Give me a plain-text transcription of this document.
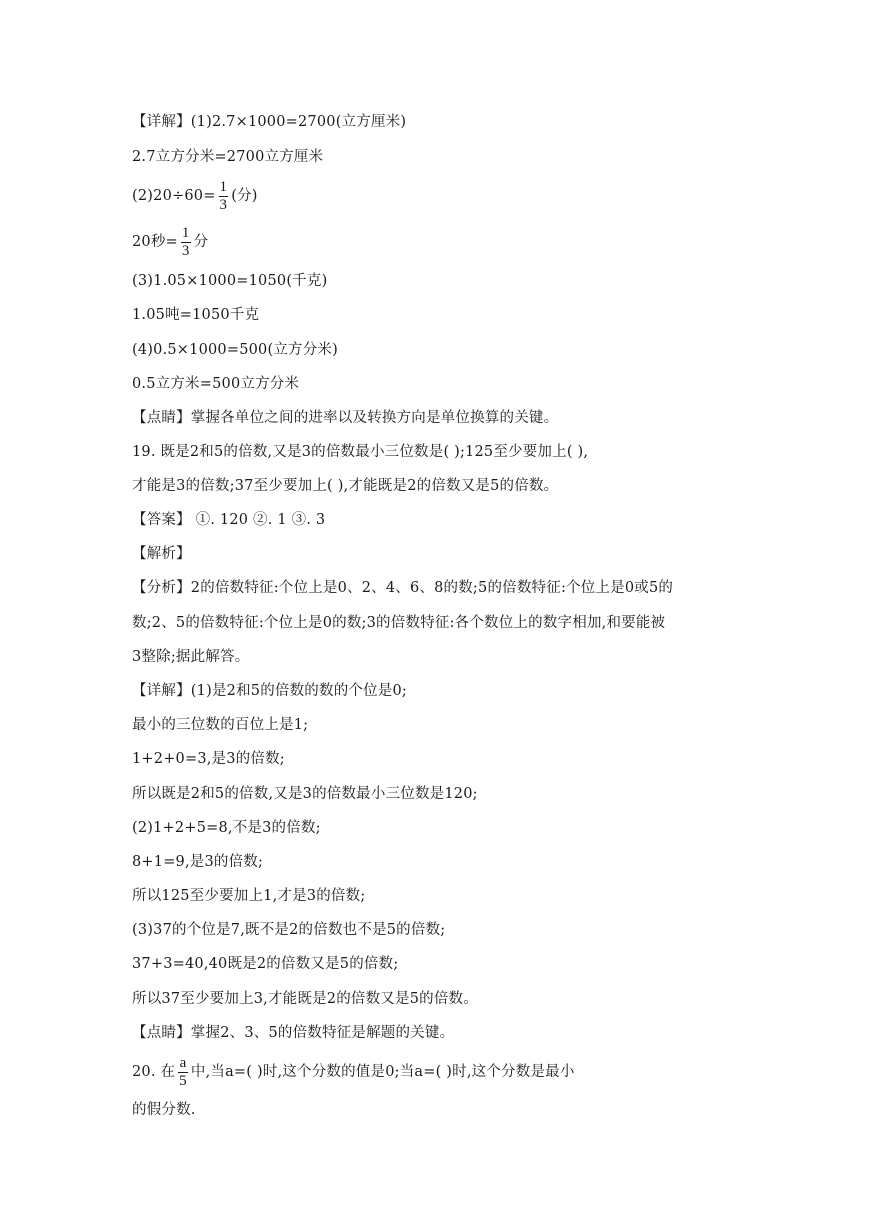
【详解】(1)2.7×1000=2700(立方厘米)
2.7立方分米=2700立方厘米
$(2)20\div 60= \frac{1}{3}$ (分)
20秒= $\frac{1}{3}$ 分
(3)1.05×1000=1050(千克)
1.05吨=1050千克
(4)0.5×1000=500(立方分米)
0.5立方米=500立方分米
【点睛】掌握各单位之间的进率以及转换方向是单位换算的关键。
19. 既是2和5的倍数,又是3的倍数最小三位数是( );125至少要加上( ),
才能是3的倍数;37至少要加上( ),才能既是2的倍数又是5的倍数。
【答案】 ①. 120 ②. 1 ③. 3
【解析】
【分析】2的倍数特征:个位上是0、2、4、6、8的数;5的倍数特征:个位上是0或5的
数;2、5的倍数特征:个位上是0的数;3的倍数特征:各个数位上的数字相加,和要能被
3整除;据此解答。
【详解】(1)是2和5的倍数的数的个位是0;
最小的三位数的百位上是1;
1+2+0=3,是3的倍数;
所以既是2和5的倍数,又是3的倍数最小三位数是120;
(2)1+2+5=8,不是3的倍数;
8+1=9,是3的倍数;
所以125至少要加上1,才是3的倍数;
(3)37的个位是7,既不是2的倍数也不是5的倍数;
37+3=40,40既是2的倍数又是5的倍数;
所以37至少要加上3,才能既是2的倍数又是5的倍数。
【点睛】掌握2、3、5的倍数特征是解题的关键。
20. 在 $\frac{a}{5}$ 中,当a=( )时,这个分数的值是0;当a=( )时,这个分数是最小
的假分数.
